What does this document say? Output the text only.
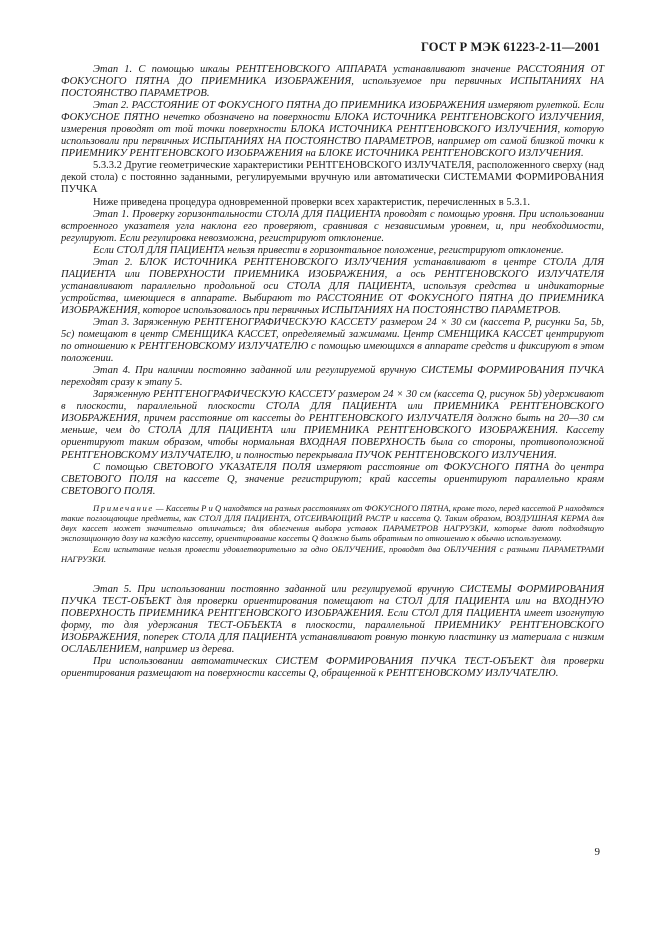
ГОСТ Р МЭК 61223-2-11—2001

Этап 1. С помощью шкалы РЕНТГЕНОВСКОГО АППАРАТА устанавливают значение РАССТОЯНИЯ ОТ ФОКУСНОГО ПЯТНА ДО ПРИЕМНИКА ИЗОБРАЖЕНИЯ, используемое при первичных ИСПЫТАНИЯХ НА ПОСТОЯНСТВО ПАРАМЕТРОВ.

Этап 2. РАССТОЯНИЕ ОТ ФОКУСНОГО ПЯТНА ДО ПРИЕМНИКА ИЗОБРАЖЕНИЯ измеряют рулеткой. Если ФОКУСНОЕ ПЯТНО нечетко обозначено на поверхности БЛОКА ИСТОЧНИКА РЕНТГЕНОВСКОГО ИЗЛУЧЕНИЯ, измерения проводят от той точки поверхности БЛОКА ИСТОЧНИКА РЕНТГЕНОВСКОГО ИЗЛУЧЕНИЯ, которую использовали при первичных ИСПЫТАНИЯХ НА ПОСТОЯНСТВО ПАРАМЕТРОВ, например от самой близкой точки к ПРИЕМНИКУ РЕНТГЕНОВСКОГО ИЗОБРАЖЕНИЯ на БЛОКЕ ИСТОЧНИКА РЕНТГЕНОВСКОГО ИЗЛУЧЕНИЯ.

5.3.3.2 Другие геометрические характеристики РЕНТГЕНОВСКОГО ИЗЛУЧАТЕЛЯ, расположенного сверху (над декой стола) с постоянно заданными, регулируемыми вручную или автоматически СИСТЕМАМИ ФОРМИРОВАНИЯ ПУЧКА

Ниже приведена процедура одновременной проверки всех характеристик, перечисленных в 5.3.1.

Этап 1. Проверку горизонтальности СТОЛА ДЛЯ ПАЦИЕНТА проводят с помощью уровня. При использовании встроенного указателя угла наклона его проверяют, сравнивая с независимым уровнем, и, при необходимости, регулируют. Если регулировка невозможна, регистрируют отклонение.

Если СТОЛ ДЛЯ ПАЦИЕНТА нельзя привести в горизонтальное положение, регистрируют отклонение.

Этап 2. БЛОК ИСТОЧНИКА РЕНТГЕНОВСКОГО ИЗЛУЧЕНИЯ устанавливают в центре СТОЛА ДЛЯ ПАЦИЕНТА или ПОВЕРХНОСТИ ПРИЕМНИКА ИЗОБРАЖЕНИЯ, а ось РЕНТГЕНОВСКОГО ИЗЛУЧАТЕЛЯ устанавливают параллельно продольной оси СТОЛА ДЛЯ ПАЦИЕНТА, используя средства и индикаторные устройства, имеющиеся в аппарате. Выбирают то РАССТОЯНИЕ ОТ ФОКУСНОГО ПЯТНА ДО ПРИЕМНИКА ИЗОБРАЖЕНИЯ, которое использовалось при первичных ИСПЫТАНИЯХ НА ПОСТОЯНСТВО ПАРАМЕТРОВ.

Этап 3. Заряженную РЕНТГЕНОГРАФИЧЕСКУЮ КАССЕТУ размером 24 × 30 см (кассета Р, рисунки 5а, 5b, 5с) помещают в центр СМЕНЩИКА КАССЕТ, определяемый зажимами. Центр СМЕНЩИКА КАССЕТ центрируют по отношению к РЕНТГЕНОВСКОМУ ИЗЛУЧАТЕЛЮ с помощью имеющихся в аппарате средств и фиксируют в этом положении.

Этап 4. При наличии постоянно заданной или регулируемой вручную СИСТЕМЫ ФОРМИРОВАНИЯ ПУЧКА переходят сразу к этапу 5.

Заряженную РЕНТГЕНОГРАФИЧЕСКУЮ КАССЕТУ размером 24 × 30 см (кассета Q, рисунок 5b) удерживают в плоскости, параллельной плоскости СТОЛА ДЛЯ ПАЦИЕНТА или ПРИЕМНИКА РЕНТГЕНОВСКОГО ИЗОБРАЖЕНИЯ, причем расстояние от кассеты до РЕНТГЕНОВСКОГО ИЗЛУЧАТЕЛЯ должно быть на 20—30 см меньше, чем до СТОЛА ДЛЯ ПАЦИЕНТА или ПРИЕМНИКА РЕНТГЕНОВСКОГО ИЗОБРАЖЕНИЯ. Кассету ориентируют таким образом, чтобы нормальная ВХОДНАЯ ПОВЕРХНОСТЬ была со стороны, противоположной РЕНТГЕНОВСКОМУ ИЗЛУЧАТЕЛЮ, и полностью перекрывала ПУЧОК РЕНТГЕНОВСКОГО ИЗЛУЧЕНИЯ.

С помощью СВЕТОВОГО УКАЗАТЕЛЯ ПОЛЯ измеряют расстояние от ФОКУСНОГО ПЯТНА до центра СВЕТОВОГО ПОЛЯ на кассете Q, значение регистрируют; край кассеты ориентируют параллельно краям СВЕТОВОГО ПОЛЯ.

Примечание — Кассеты Р и Q находятся на разных расстояниях от ФОКУСНОГО ПЯТНА, кроме того, перед кассетой Р находятся такие поглощающие предметы, как СТОЛ ДЛЯ ПАЦИЕНТА, ОТСЕИВАЮЩИЙ РАСТР и кассета Q. Таким образом, ВОЗДУШНАЯ КЕРМА для двух кассет может значительно отличаться; для облегчения выбора уставок ПАРАМЕТРОВ НАГРУЗКИ, которые дают подходящую экспозиционную дозу на каждую кассету, ориентирование кассеты Q должно быть обратным по отношению к обычно используемому.

Если испытание нельзя провести удовлетворительно за одно ОБЛУЧЕНИЕ, проводят два ОБЛУЧЕНИЯ с разными ПАРАМЕТРАМИ НАГРУЗКИ.

Этап 5. При использовании постоянно заданной или регулируемой вручную СИСТЕМЫ ФОРМИРОВАНИЯ ПУЧКА ТЕСТ-ОБЪЕКТ для проверки ориентирования помещают на СТОЛ ДЛЯ ПАЦИЕНТА или на ВХОДНУЮ ПОВЕРХНОСТЬ ПРИЕМНИКА РЕНТГЕНОВСКОГО ИЗОБРАЖЕНИЯ. Если СТОЛ ДЛЯ ПАЦИЕНТА имеет изогнутую форму, то для удержания ТЕСТ-ОБЪЕКТА в плоскости, параллельной ПРИЕМНИКУ РЕНТГЕНОВСКОГО ИЗОБРАЖЕНИЯ, поперек СТОЛА ДЛЯ ПАЦИЕНТА устанавливают ровную тонкую пластинку из материала с низким ОСЛАБЛЕНИЕМ, например из дерева.

При использовании автоматических СИСТЕМ ФОРМИРОВАНИЯ ПУЧКА ТЕСТ-ОБЪЕКТ для проверки ориентирования размещают на поверхности кассеты Q, обращенной к РЕНТГЕНОВСКОМУ ИЗЛУЧАТЕЛЮ.

9
